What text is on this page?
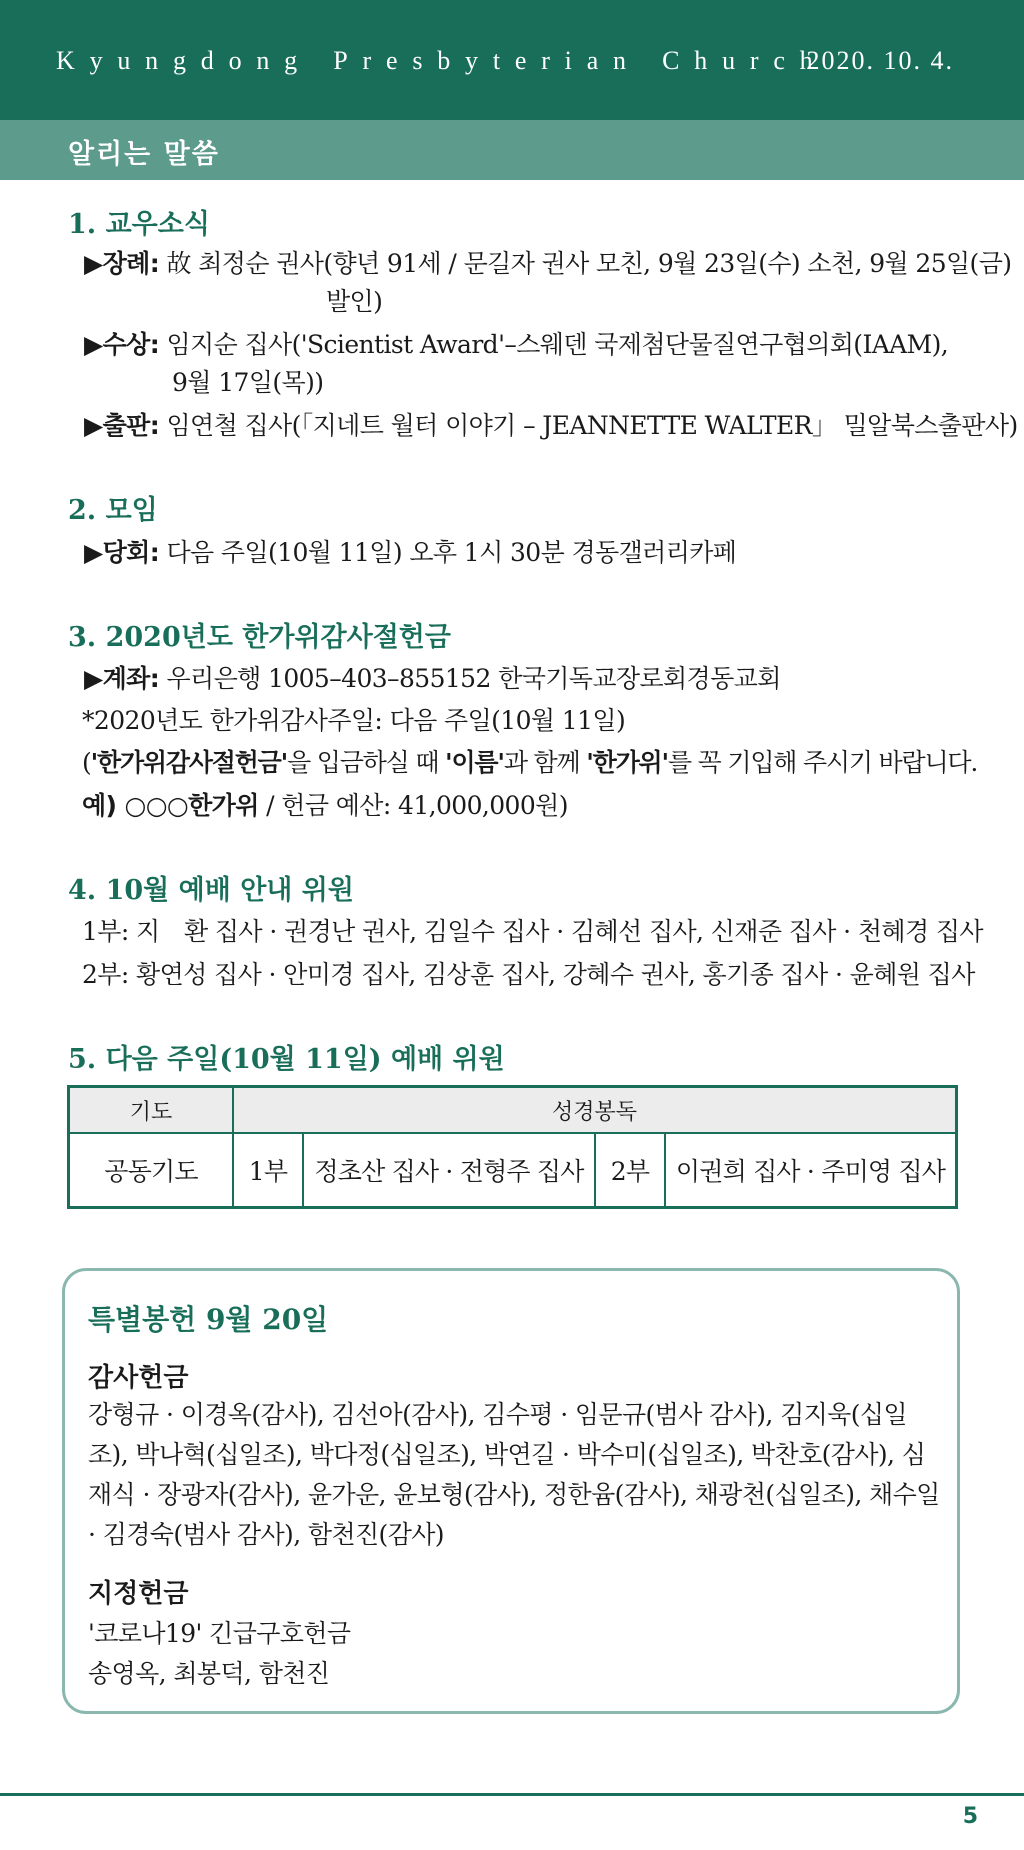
Kyungdong Presbyterian Church
2020. 10. 4.
알리는 말씀
1. 교우소식
▶장례: 故 최정순 권사(향년 91세 / 문길자 권사 모친, 9월 23일(수) 소천, 9월 25일(금)
발인)
▶수상: 임지순 집사('Scientist Award'–스웨덴 국제첨단물질연구협의회(IAAM),
9월 17일(목))
▶출판: 임연철 집사(「지네트 월터 이야기 – JEANNETTE WALTER」 밀알북스출판사)
2. 모임
▶당회: 다음 주일(10월 11일) 오후 1시 30분 경동갤러리카페
3. 2020년도 한가위감사절헌금
▶계좌: 우리은행 1005–403–855152 한국기독교장로회경동교회
*2020년도 한가위감사주일: 다음 주일(10월 11일)
('한가위감사절헌금'을 입금하실 때 '이름'과 함께 '한가위'를 꼭 기입해 주시기 바랍니다.
예) ○○○한가위 / 헌금 예산: 41,000,000원)
4. 10월 예배 안내 위원
1부: 지　환 집사 · 권경난 권사, 김일수 집사 · 김혜선 집사, 신재준 집사 · 천혜경 집사
2부: 황연성 집사 · 안미경 집사, 김상훈 집사, 강혜수 권사, 홍기종 집사 · 윤혜원 집사
5. 다음 주일(10월 11일) 예배 위원
기도	성경봉독			
공동기도	1부	정초산 집사 · 전형주 집사	2부	이권희 집사 · 주미영 집사
특별봉헌 9월 20일
감사헌금
강형규 · 이경옥(감사), 김선아(감사), 김수평 · 임문규(범사 감사), 김지욱(십일조), 박나혁(십일조), 박다정(십일조), 박연길 · 박수미(십일조), 박찬호(감사), 심재식 · 장광자(감사), 윤가운, 윤보형(감사), 정한윰(감사), 채광천(십일조), 채수일 · 김경숙(범사 감사), 함천진(감사)
지정헌금
'코로나19' 긴급구호헌금
송영옥, 최봉덕, 함천진
5
